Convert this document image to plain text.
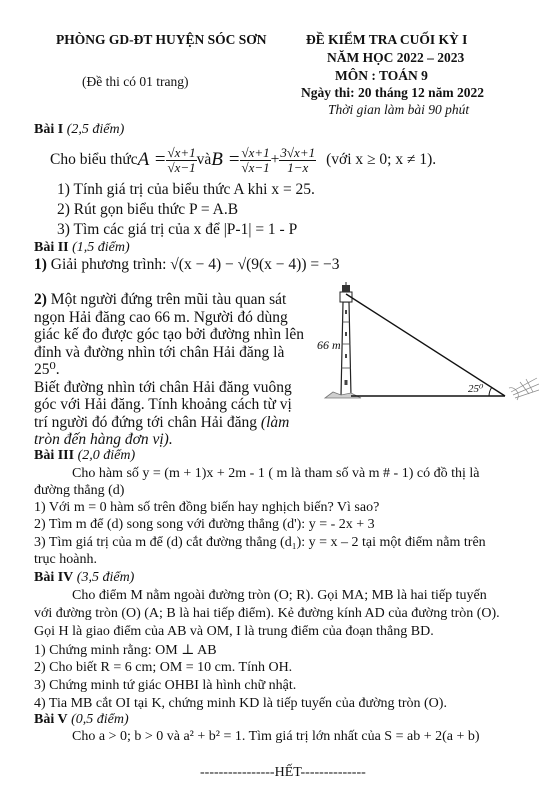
PHÒNG GD-ĐT HUYỆN SÓC SƠN
(Đề thi có 01 trang)
ĐỀ KIỂM TRA CUỐI KỲ I
NĂM HỌC 2022 – 2023
MÔN : TOÁN 9
Ngày thi: 20 tháng 12 năm 2022
Thời gian làm bài 90 phút
Bài I (2,5 điểm)
Cho biểu thức $A = \frac{√x+1}{√x-1}$ và $B = \frac{√x+1}{√x-1} + \frac{3√x+1}{1-x}$ (với x ≥ 0; x ≠ 1).
1) Tính giá trị của biểu thức A khi x = 25.
2) Rút gọn biểu thức P = A.B
3) Tìm các giá trị của x để |P-1| = 1 - P
Bài II (1,5 điểm)
1) Giải phương trình: √(x − 4) − √(9(x − 4)) = −3
2) Một người đứng trên mũi tàu quan sát
ngọn Hải đăng cao 66 m. Người đó dùng
giác kế đo được góc tạo bởi đường nhìn lên
đỉnh và đường nhìn tới chân Hải đăng là
25⁰.
Biết đường nhìn tới chân Hải đăng vuông
góc với Hải đăng. Tính khoảng cách từ vị
trí người đó đứng tới chân Hải đăng (làm
tròn đến hàng đơn vị).
66 m
25⁰
Bài III (2,0 điểm)
Cho hàm số y = (m + 1)x + 2m - 1 ( m là tham số và m # - 1) có đồ thị là
đường thẳng (d)
1) Với m = 0 hàm số trên đồng biến hay nghịch biến? Vì sao?
2) Tìm m để (d) song song với đường thẳng (d'): y = - 2x + 3
3) Tìm giá trị của m để (d) cắt đường thẳng (d₁): y = x – 2 tại một điểm nằm trên
trục hoành.
Bài IV (3,5 điểm)
Cho điểm M nằm ngoài đường tròn (O; R). Gọi MA; MB là hai tiếp tuyến
với đường tròn (O) (A; B là hai tiếp điểm). Kẻ đường kính AD của đường tròn (O).
Gọi H là giao điểm của AB và OM, I là trung điểm của đoạn thẳng BD.
1) Chứng minh rằng: OM ⊥ AB
2) Cho biết R = 6 cm; OM = 10 cm. Tính OH.
3) Chứng minh tứ giác OHBI là hình chữ nhật.
4) Tia MB cắt OI tại K, chứng minh KD là tiếp tuyến của đường tròn (O).
Bài V (0,5 điểm)
Cho a > 0; b > 0 và a² + b² = 1. Tìm giá trị lớn nhất của S = ab + 2(a + b)
----------------HẾT--------------
